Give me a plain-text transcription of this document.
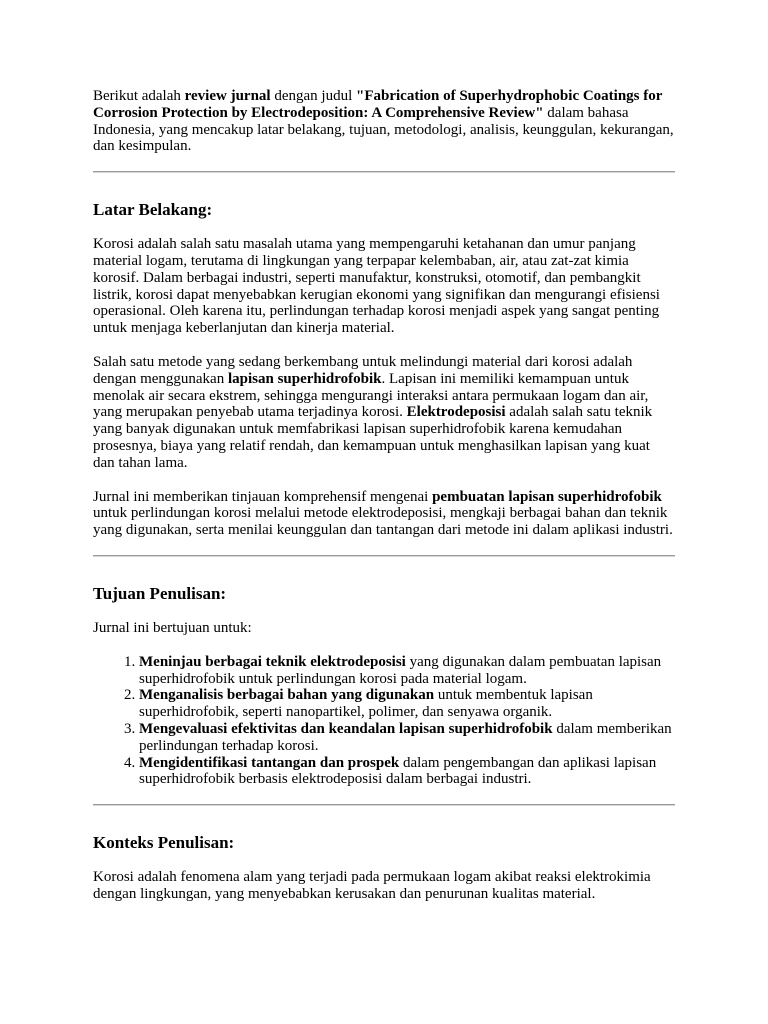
Berikut adalah review jurnal dengan judul "Fabrication of Superhydrophobic Coatings for Corrosion Protection by Electrodeposition: A Comprehensive Review" dalam bahasa Indonesia, yang mencakup latar belakang, tujuan, metodologi, analisis, keunggulan, kekurangan, dan kesimpulan.

Latar Belakang:

Korosi adalah salah satu masalah utama yang mempengaruhi ketahanan dan umur panjang material logam, terutama di lingkungan yang terpapar kelembaban, air, atau zat-zat kimia korosif. Dalam berbagai industri, seperti manufaktur, konstruksi, otomotif, dan pembangkit listrik, korosi dapat menyebabkan kerugian ekonomi yang signifikan dan mengurangi efisiensi operasional. Oleh karena itu, perlindungan terhadap korosi menjadi aspek yang sangat penting untuk menjaga keberlanjutan dan kinerja material.

Salah satu metode yang sedang berkembang untuk melindungi material dari korosi adalah dengan menggunakan lapisan superhidrofobik. Lapisan ini memiliki kemampuan untuk menolak air secara ekstrem, sehingga mengurangi interaksi antara permukaan logam dan air, yang merupakan penyebab utama terjadinya korosi. Elektrodeposisi adalah salah satu teknik yang banyak digunakan untuk memfabrikasi lapisan superhidrofobik karena kemudahan prosesnya, biaya yang relatif rendah, dan kemampuan untuk menghasilkan lapisan yang kuat dan tahan lama.

Jurnal ini memberikan tinjauan komprehensif mengenai pembuatan lapisan superhidrofobik untuk perlindungan korosi melalui metode elektrodeposisi, mengkaji berbagai bahan dan teknik yang digunakan, serta menilai keunggulan dan tantangan dari metode ini dalam aplikasi industri.

Tujuan Penulisan:

Jurnal ini bertujuan untuk:

1. Meninjau berbagai teknik elektrodeposisi yang digunakan dalam pembuatan lapisan superhidrofobik untuk perlindungan korosi pada material logam.
2. Menganalisis berbagai bahan yang digunakan untuk membentuk lapisan superhidrofobik, seperti nanopartikel, polimer, dan senyawa organik.
3. Mengevaluasi efektivitas dan keandalan lapisan superhidrofobik dalam memberikan perlindungan terhadap korosi.
4. Mengidentifikasi tantangan dan prospek dalam pengembangan dan aplikasi lapisan superhidrofobik berbasis elektrodeposisi dalam berbagai industri.
Konteks Penulisan:

Korosi adalah fenomena alam yang terjadi pada permukaan logam akibat reaksi elektrokimia dengan lingkungan, yang menyebabkan kerusakan dan penurunan kualitas material.
